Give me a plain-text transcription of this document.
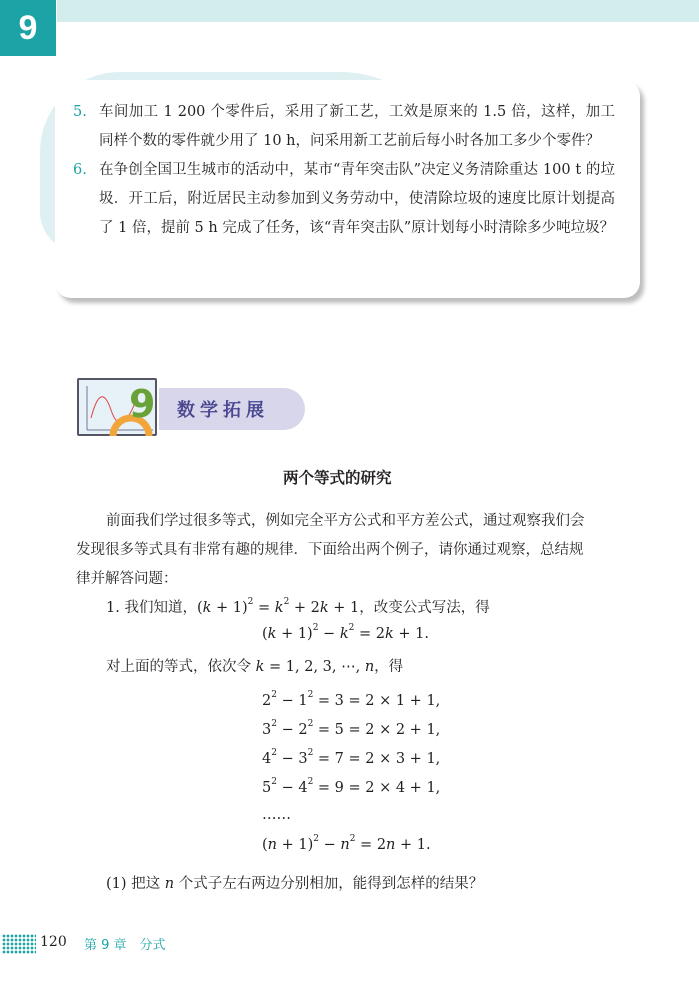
9
5. 车间加工 1 200 个零件后，采用了新工艺，工效是原来的 1.5 倍，这样，加工同样个数的零件就少用了 10 h，问采用新工艺前后每小时各加工多少个零件？
6. 在争创全国卫生城市的活动中，某市“青年突击队”决定义务清除重达 100 t 的垃圾．开工后，附近居民主动参加到义务劳动中，使清除垃圾的速度比原计划提高了 1 倍，提前 5 h 完成了任务，该“青年突击队”原计划每小时清除多少吨垃圾？
9 数学拓展
两个等式的研究
前面我们学过很多等式，例如完全平方公式和平方差公式，通过观察我们会
发现很多等式具有非常有趣的规律．下面给出两个例子，请你通过观察，总结规
律并解答问题：
1. 我们知道，$(k + 1)^2 = k^2 + 2k + 1$，改变公式写法，得
$(k + 1)^2 - k^2 = 2k + 1$.
对上面的等式，依次令 k = 1, 2, 3, ⋯, n，得
$2^2 - 1^2 = 3 = 2 \times 1 + 1$,
$3^2 - 2^2 = 5 = 2 \times 2 + 1$,
$4^2 - 3^2 = 7 = 2 \times 3 + 1$,
$5^2 - 4^2 = 9 = 2 \times 4 + 1$,
……
$(n + 1)^2 - n^2 = 2n + 1$.
(1) 把这 n 个式子左右两边分别相加，能得到怎样的结果？
120 第 9 章　分式
